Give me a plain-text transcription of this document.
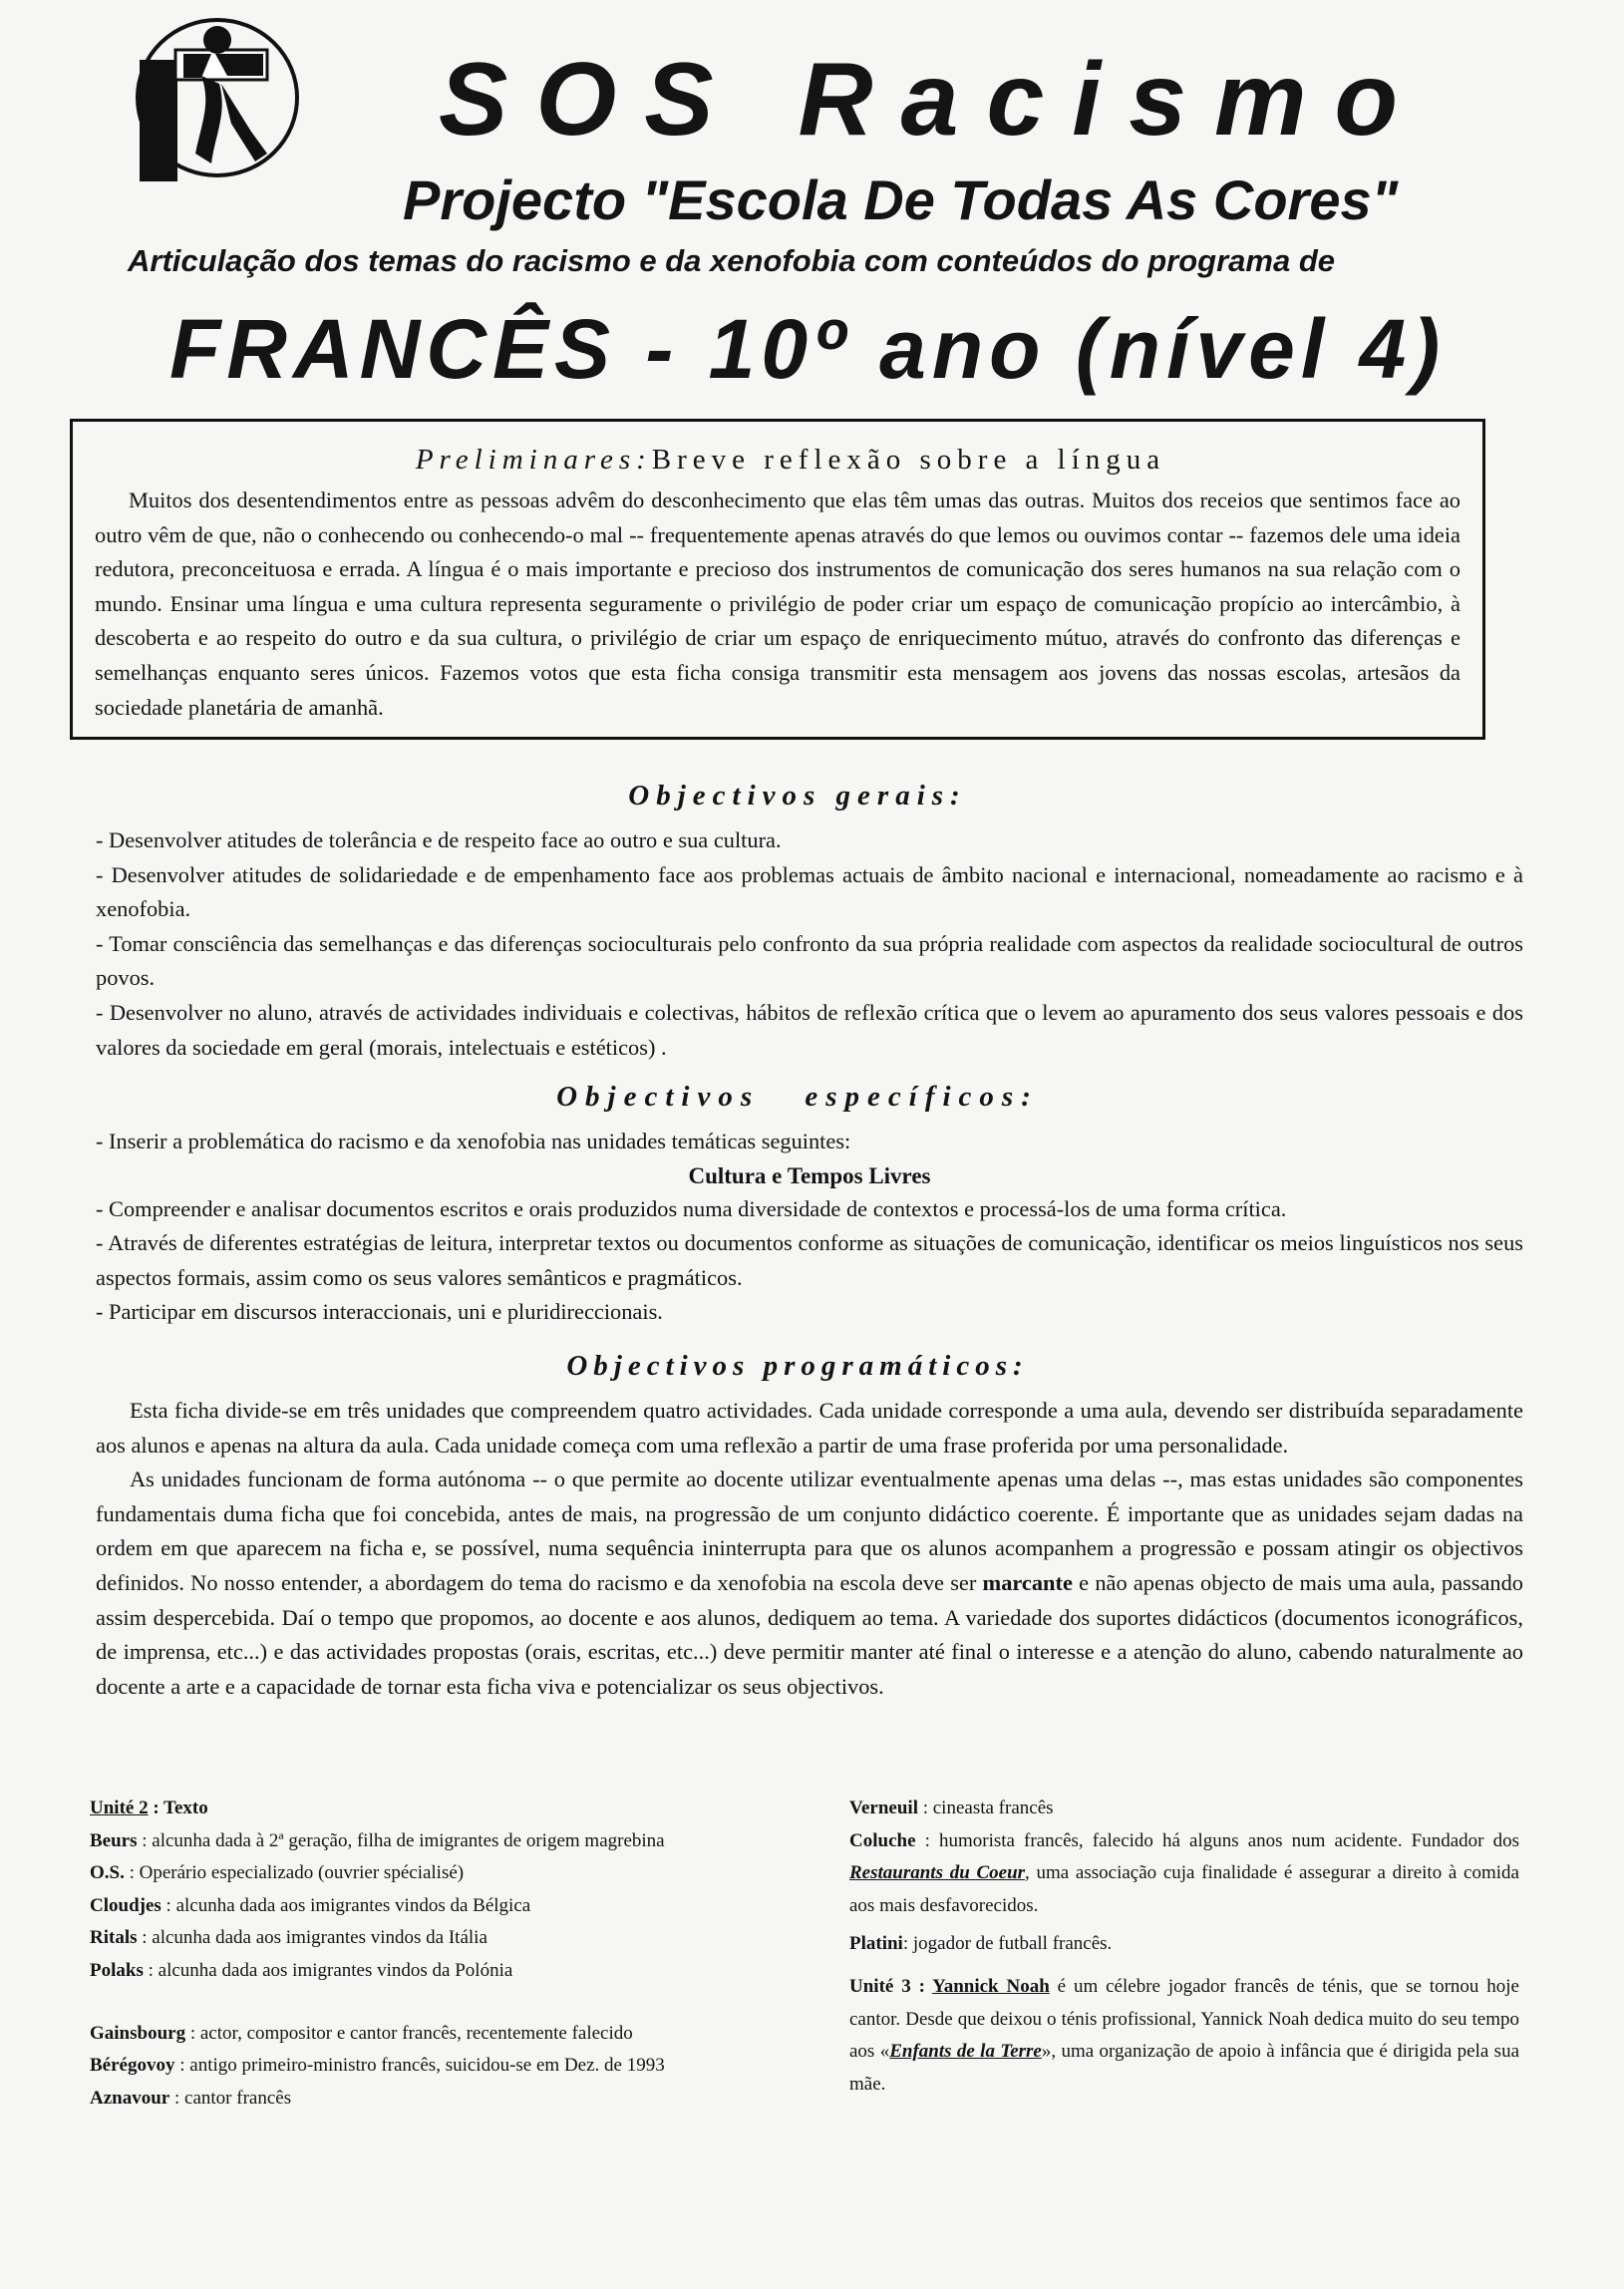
SOS Racismo
Projecto "Escola De Todas As Cores"
Articulação dos temas do racismo e da xenofobia com conteúdos do programa de
FRANCÊS - 10º ano (nível 4)
Preliminares:Breve reflexão sobre a língua

Muitos dos desentendimentos entre as pessoas advêm do desconhecimento que elas têm umas das outras. Muitos dos receios que sentimos face ao outro vêm de que, não o conhecendo ou conhecendo-o mal -- frequentemente apenas através do que lemos ou ouvimos contar -- fazemos dele uma ideia redutora, preconceituosa e errada. A língua é o mais importante e precioso dos instrumentos de comunicação dos seres humanos na sua relação com o mundo. Ensinar uma língua e uma cultura representa seguramente o privilégio de poder criar um espaço de comunicação propício ao intercâmbio, à descoberta e ao respeito do outro e da sua cultura, o privilégio de criar um espaço de enriquecimento mútuo, através do confronto das diferenças e semelhanças enquanto seres únicos. Fazemos votos que esta ficha consiga transmitir esta mensagem aos jovens das nossas escolas, artesãos da sociedade planetária de amanhã.

Objectivos gerais:

- Desenvolver atitudes de tolerância e de respeito face ao outro e sua cultura.

- Desenvolver atitudes de solidariedade e de empenhamento face aos problemas actuais de âmbito nacional e internacional, nomeadamente ao racismo e à xenofobia.

- Tomar consciência das semelhanças e das diferenças socioculturais pelo confronto da sua própria realidade com aspectos da realidade sociocultural de outros povos.

- Desenvolver no aluno, através de actividades individuais e colectivas, hábitos de reflexão crítica que o levem ao apuramento dos seus valores pessoais e dos valores da sociedade em geral (morais, intelectuais e estéticos) .

Objectivos específicos:

- Inserir a problemática do racismo e da xenofobia nas unidades temáticas seguintes:

Cultura e Tempos Livres

- Compreender e analisar documentos escritos e orais produzidos numa diversidade de contextos e processá-los de uma forma crítica.

- Através de diferentes estratégias de leitura, interpretar textos ou documentos conforme as situações de comunicação, identificar os meios linguísticos nos seus aspectos formais, assim como os seus valores semânticos e pragmáticos.

- Participar em discursos interaccionais, uni e pluridireccionais.

Objectivos programáticos:

Esta ficha divide-se em três unidades que compreendem quatro actividades. Cada unidade corresponde a uma aula, devendo ser distribuída separadamente aos alunos e apenas na altura da aula. Cada unidade começa com uma reflexão a partir de uma frase proferida por uma personalidade.

As unidades funcionam de forma autónoma -- o que permite ao docente utilizar eventualmente apenas uma delas --, mas estas unidades são componentes fundamentais duma ficha que foi concebida, antes de mais, na progressão de um conjunto didáctico coerente. É importante que as unidades sejam dadas na ordem em que aparecem na ficha e, se possível, numa sequência ininterrupta para que os alunos acompanhem a progressão e possam atingir os objectivos definidos. No nosso entender, a abordagem do tema do racismo e da xenofobia na escola deve ser marcante e não apenas objecto de mais uma aula, passando assim despercebida. Daí o tempo que propomos, ao docente e aos alunos, dediquem ao tema. A variedade dos suportes didácticos (documentos iconográficos, de imprensa, etc...) e das actividades propostas (orais, escritas, etc...) deve permitir manter até final o interesse e a atenção do aluno, cabendo naturalmente ao docente a arte e a capacidade de tornar esta ficha viva e potencializar os seus objectivos.

Unité 2 : Texto
Beurs : alcunha dada à 2ª geração, filha de imigrantes de origem magrebina
O.S. : Operário especializado (ouvrier spécialisé)
Cloudjes : alcunha dada aos imigrantes vindos da Bélgica
Ritals : alcunha dada aos imigrantes vindos da Itália
Polaks : alcunha dada aos imigrantes vindos da Polónia
Gainsbourg : actor, compositor e cantor francês, recentemente falecido
Bérégovoy : antigo primeiro-ministro francês, suicidou-se em Dez. de 1993
Aznavour : cantor francês
Verneuil : cineasta francês
Coluche : humorista francês, falecido há alguns anos num acidente. Fundador dos Restaurants du Coeur, uma associação cuja finalidade é assegurar a direito à comida aos mais desfavorecidos.
Platini: jogador de futball francês.
Unité 3 : Yannick Noah é um célebre jogador francês de ténis, que se tornou hoje cantor. Desde que deixou o ténis profissional, Yannick Noah dedica muito do seu tempo aos «Enfants de la Terre», uma organização de apoio à infância que é dirigida pela sua mãe.
